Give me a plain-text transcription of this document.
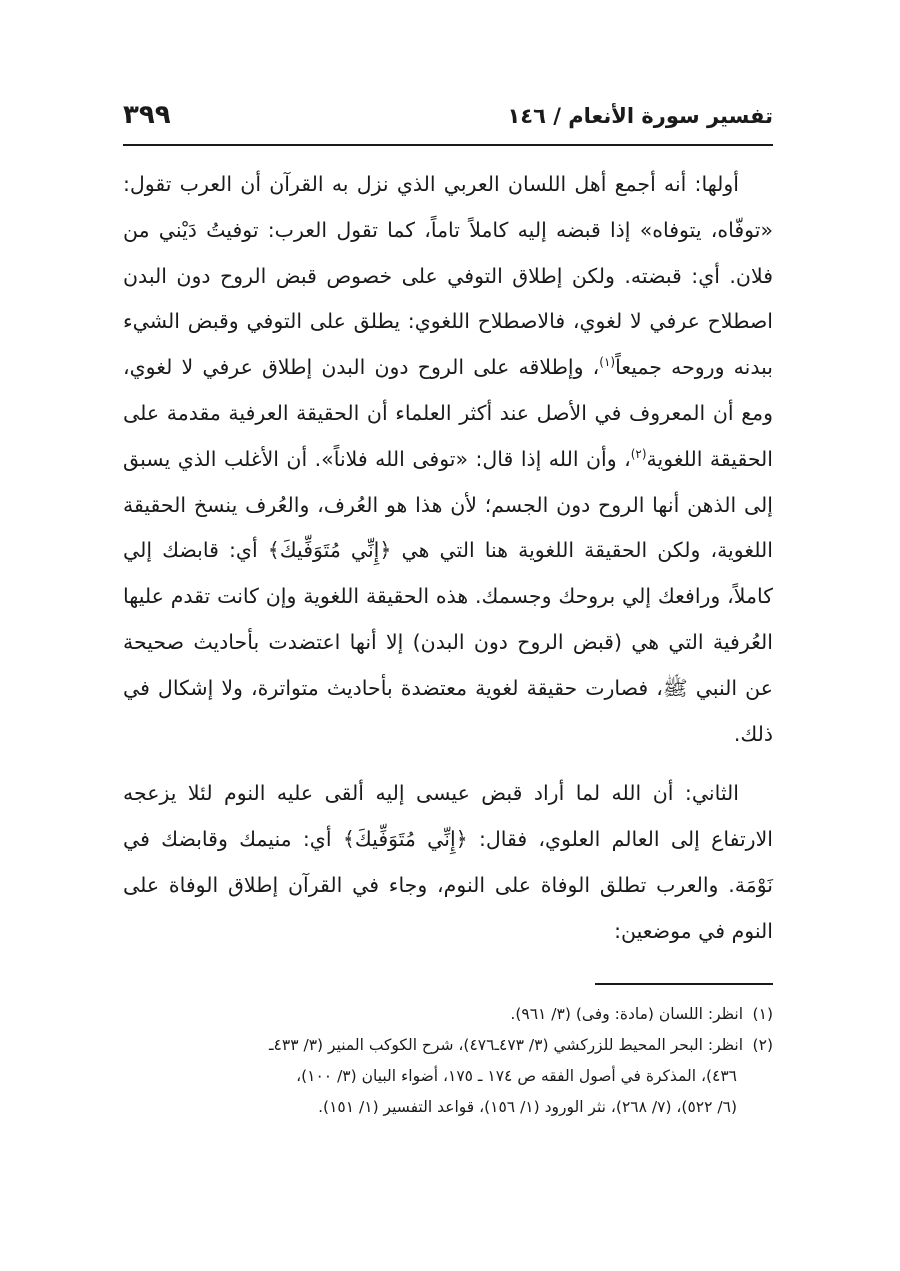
تفسير سورة الأنعام / ١٤٦
٣٩٩

أولها: أنه أجمع أهل اللسان العربي الذي نزل به القرآن أن العرب تقول: «توفّاه، يتوفاه» إذا قبضه إليه كاملاً تاماً، كما تقول العرب: توفيتُ دَيْني من فلان. أي: قبضته. ولكن إطلاق التوفي على خصوص قبض الروح دون البدن اصطلاح عرفي لا لغوي، فالاصطلاح اللغوي: يطلق على التوفي وقبض الشيء ببدنه وروحه جميعاً$^{(١)}$، وإطلاقه على الروح دون البدن إطلاق عرفي لا لغوي، ومع أن المعروف في الأصل عند أكثر العلماء أن الحقيقة العرفية مقدمة على الحقيقة اللغوية$^{(٢)}$، وأن الله إذا قال: «توفى الله فلاناً». أن الأغلب الذي يسبق إلى الذهن أنها الروح دون الجسم؛ لأن هذا هو العُرف، والعُرف ينسخ الحقيقة اللغوية، ولكن الحقيقة اللغوية هنا التي هي ﴿إِنِّي مُتَوَفِّيكَ﴾ أي: قابضك إلي كاملاً، ورافعك إلي بروحك وجسمك. هذه الحقيقة اللغوية وإن كانت تقدم عليها العُرفية التي هي (قبض الروح دون البدن) إلا أنها اعتضدت بأحاديث صحيحة عن النبي ﷺ، فصارت حقيقة لغوية معتضدة بأحاديث متواترة، ولا إشكال في ذلك.

الثاني: أن الله لما أراد قبض عيسى إليه ألقى عليه النوم لئلا يزعجه الارتفاع إلى العالم العلوي، فقال: ﴿إِنِّي مُتَوَفِّيكَ﴾ أي: منيمك وقابضك في نَوْمَة. والعرب تطلق الوفاة على النوم، وجاء في القرآن إطلاق الوفاة على النوم في موضعين:

(١)انظر: اللسان (مادة: وفى) (٣/ ٩٦١).

(٢)انظر: البحر المحيط للزركشي (٣/ ٤٧٣ـ٤٧٦)، شرح الكوكب المنير (٣/ ٤٣٣ـ
٤٣٦)، المذكرة في أصول الفقه ص ١٧٤ ـ ١٧٥، أضواء البيان (٣/ ١٠٠)،
(٦/ ٥٢٢)، (٧/ ٢٦٨)، نثر الورود (١/ ١٥٦)، قواعد التفسير (١/ ١٥١).
